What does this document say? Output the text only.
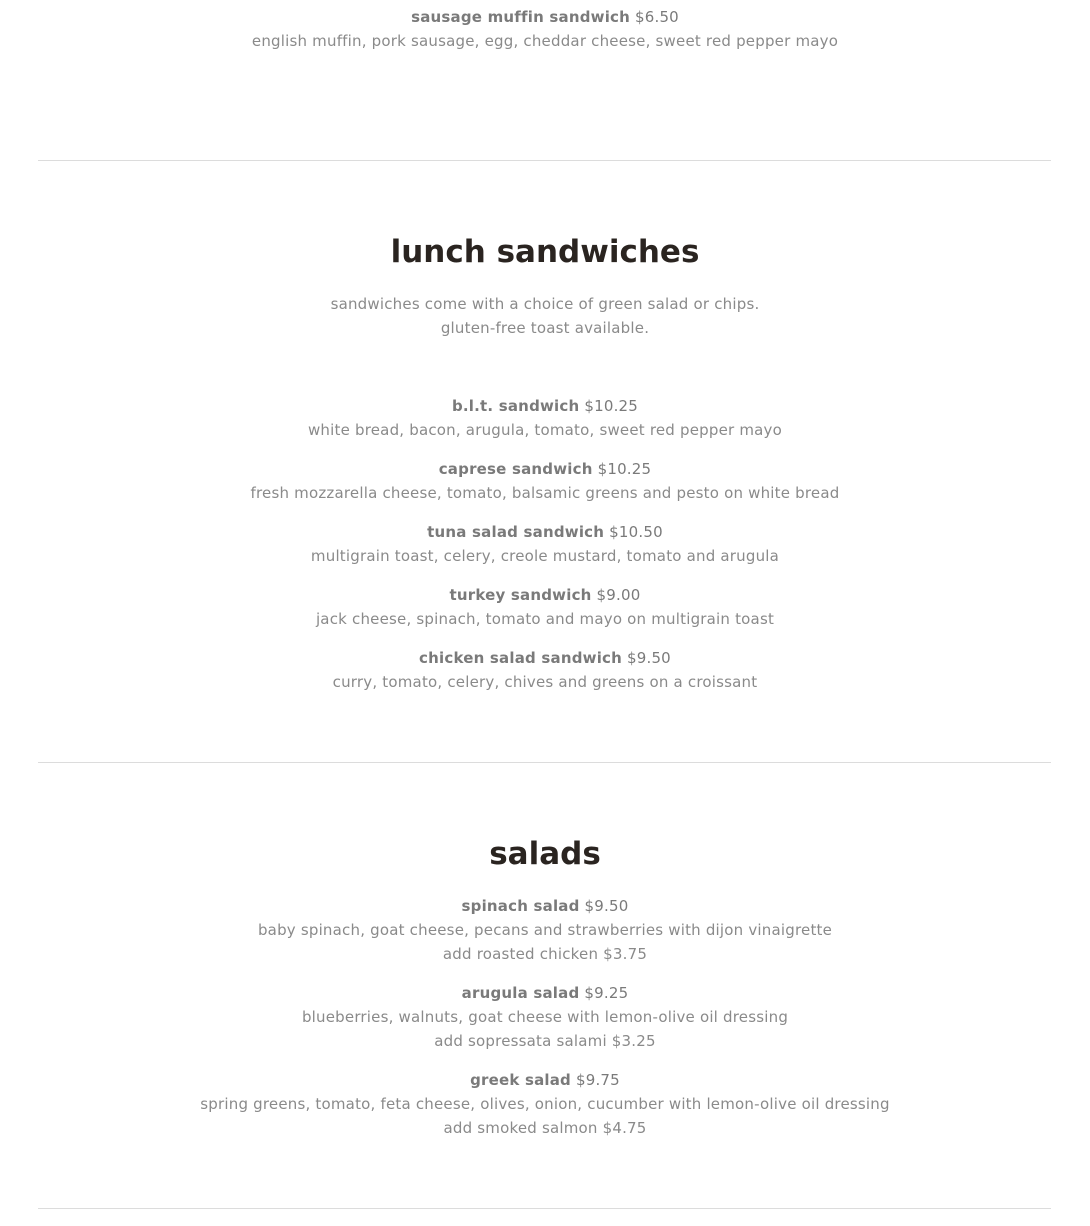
sausage muffin sandwich $6.50
english muffin, pork sausage, egg, cheddar cheese, sweet red pepper mayo
lunch sandwiches
sandwiches come with a choice of green salad or chips.
gluten-free toast available.
b.l.t. sandwich $10.25
white bread, bacon, arugula, tomato, sweet red pepper mayo
caprese sandwich $10.25
fresh mozzarella cheese, tomato, balsamic greens and pesto on white bread
tuna salad sandwich $10.50
multigrain toast, celery, creole mustard, tomato and arugula
turkey sandwich $9.00
jack cheese, spinach, tomato and mayo on multigrain toast
chicken salad sandwich $9.50
curry, tomato, celery, chives and greens on a croissant
salads
spinach salad $9.50
baby spinach, goat cheese, pecans and strawberries with dijon vinaigrette
add roasted chicken $3.75
arugula salad $9.25
blueberries, walnuts, goat cheese with lemon-olive oil dressing
add sopressata salami $3.25
greek salad $9.75
spring greens, tomato, feta cheese, olives, onion, cucumber with lemon-olive oil dressing
add smoked salmon $4.75
